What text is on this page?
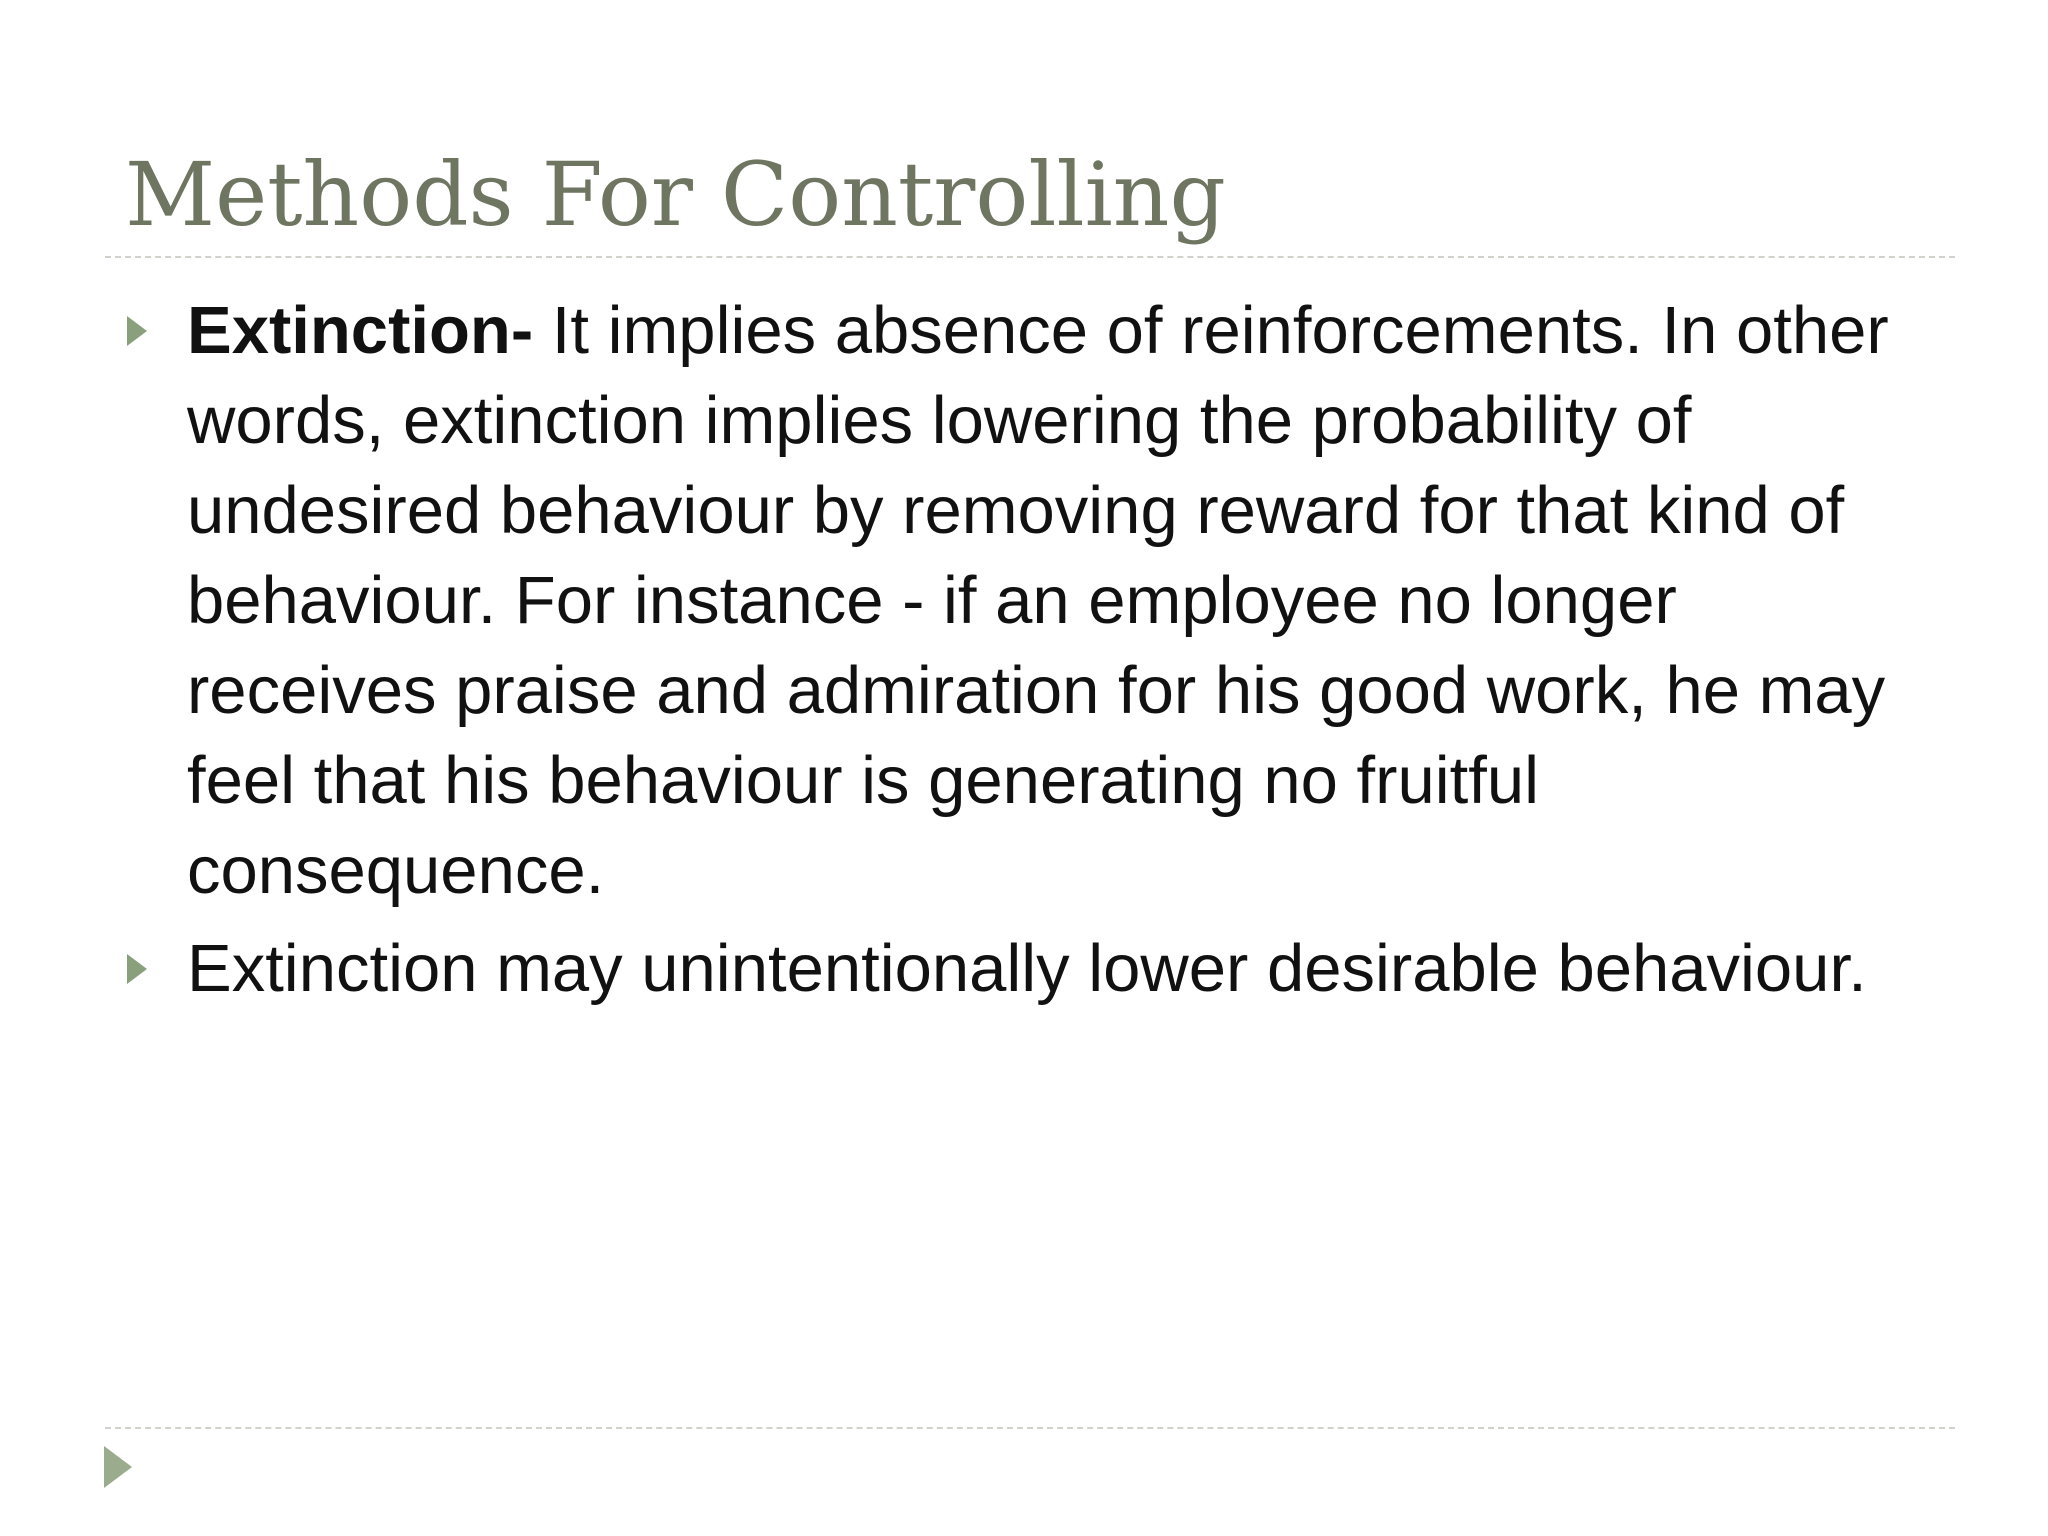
Methods For Controlling
Extinction- It implies absence of reinforcements. In other words, extinction implies lowering the probability of undesired behaviour by removing reward for that kind of behaviour. For instance - if an employee no longer receives praise and admiration for his good work, he may feel that his behaviour is generating no fruitful consequence.
Extinction may unintentionally lower desirable behaviour.
